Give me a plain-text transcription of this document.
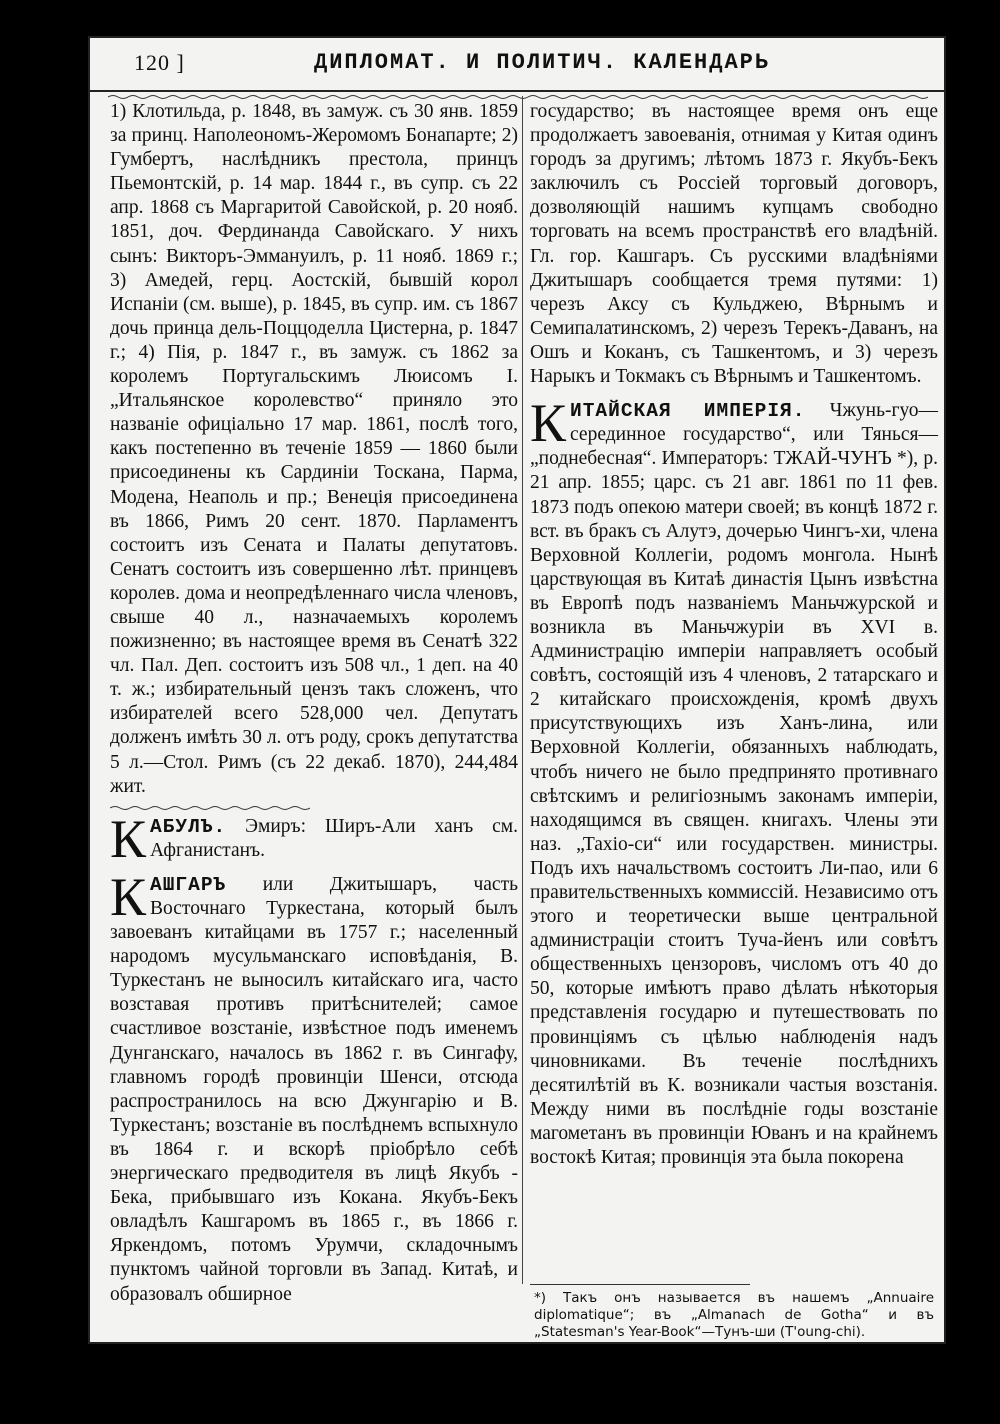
120 ]	ДИПЛОМАТ. И ПОЛИТИЧ. КАЛЕНДАРЬ

1) Клотильда, р. 1848, въ замуж. съ 30 янв. 1859 за принц. Наполеономъ-Жеромомъ Бонапарте; 2) Гумбертъ, наслѣдникъ престола, принцъ Пьемонтскій, р. 14 мар. 1844 г., въ супр. съ 22 апр. 1868 съ Маргаритой Савойской, р. 20 нояб. 1851, доч. Фердинанда Савойскаго. У нихъ сынъ: Викторъ-Эммануилъ, р. 11 нояб. 1869 г.; 3) Амедей, герц. Аостскій, бывшій корол Испаніи (см. выше), р. 1845, въ супр. им. съ 1867 дочь принца дель-Поццоделла Цистерна, р. 1847 г.; 4) Пія, р. 1847 г., въ замуж. съ 1862 за королемъ Португальскимъ Люисомъ I. „Итальянское королевство“ приняло это названіе офиціально 17 мар. 1861, послѣ того, какъ постепенно въ теченіе 1859 — 1860 были присоединены къ Сардиніи Тоскана, Парма, Модена, Неаполь и пр.; Венеція присоединена въ 1866, Римъ 20 сент. 1870. Парламентъ состоитъ изъ Сената и Палаты депутатовъ. Сенатъ состоитъ изъ совершенно лѣт. принцевъ королев. дома и неопредѣленнаго числа членовъ, свыше 40 л., назначаемыхъ королемъ пожизненно; въ настоящее время въ Сенатѣ 322 чл. Пал. Деп. состоитъ изъ 508 чл., 1 деп. на 40 т. ж.; избирательный цензъ такъ сложенъ, что избирателей всего 528,000 чел. Депутатъ долженъ имѣть 30 л. отъ роду, срокъ депутатства 5 л.—Стол. Римъ (съ 22 декаб. 1870), 244,484 жит.

КАБУЛЪ. Эмиръ: Ширъ-Али ханъ см. Афганистанъ.

КАШГАРЪ или Джитышаръ, часть Восточнаго Туркестана, который былъ завоеванъ китайцами въ 1757 г.; населенный народомъ мусульманскаго исповѣданія, В. Туркестанъ не выносилъ китайскаго ига, часто возставая противъ притѣснителей; самое счастливое возстаніе, извѣстное подъ именемъ Дунганскаго, началось въ 1862 г. въ Сингафу, главномъ городѣ провинціи Шенси, отсюда распространилось на всю Джунгарію и В. Туркестанъ; возстаніе въ послѣднемъ вспыхнуло въ 1864 г. и вскорѣ пріобрѣло себѣ энергическаго предводителя въ лицѣ Якубъ - Бека, прибывшаго изъ Кокана. Якубъ-Бекъ овладѣлъ Кашгаромъ въ 1865 г., въ 1866 г. Яркендомъ, потомъ Урумчи, складочнымъ пунктомъ чайной торговли въ Запад. Китаѣ, и образовалъ обширное

государство; въ настоящее время онъ еще продолжаетъ завоеванія, отнимая у Китая одинъ городъ за другимъ; лѣтомъ 1873 г. Якубъ-Бекъ заключилъ съ Россіей торговый договоръ, дозволяющій нашимъ купцамъ свободно торговать на всемъ пространствѣ его владѣній. Гл. гор. Кашгаръ. Съ русскими владѣніями Джитышаръ сообщается тремя путями: 1) черезъ Аксу съ Кульджею, Вѣрнымъ и Семипалатинскомъ, 2) черезъ Терекъ-Даванъ, на Ошъ и Коканъ, съ Ташкентомъ, и 3) черезъ Нарыкъ и Токмакъ съ Вѣрнымъ и Ташкентомъ.

КИТАЙСКАЯ ИМПЕРІЯ. Чжунь-гуо—серединное государство“, или Тянься—„поднебесная“. Императоръ: ТЖАЙ-ЧУНЪ *), р. 21 апр. 1855; царс. съ 21 авг. 1861 по 11 фев. 1873 подъ опекою матери своей; въ концѣ 1872 г. вст. въ бракъ съ Алутэ, дочерью Чингъ-хи, члена Верховной Коллегіи, родомъ монгола. Нынѣ царствующая въ Китаѣ династія Цынъ извѣстна въ Европѣ подъ названіемъ Маньчжурской и возникла въ Маньчжуріи въ XVI в. Администрацію имперіи направляетъ особый совѣтъ, состоящій изъ 4 членовъ, 2 татарскаго и 2 китайскаго происхожденія, кромѣ двухъ присутствующихъ изъ Ханъ-лина, или Верховной Коллегіи, обязанныхъ наблюдать, чтобъ ничего не было предпринято противнаго свѣтскимъ и религіознымъ законамъ имперіи, находящимся въ священ. книгахъ. Члены эти наз. „Тахіо-си“ или государствен. министры. Подъ ихъ начальствомъ состоитъ Ли-пао, или 6 правительственныхъ коммиссій. Независимо отъ этого и теоретически выше центральной администраціи стоитъ Туча-йенъ или совѣтъ общественныхъ цензоровъ, числомъ отъ 40 до 50, которые имѣютъ право дѣлать нѣкоторыя представленія государю и путешествовать по провинціямъ съ цѣлью наблюденія надъ чиновниками. Въ теченіе послѣднихъ десятилѣтій въ К. возникали частыя возстанія. Между ними въ послѣдніе годы возстаніе магометанъ въ провинціи Юванъ и на крайнемъ востокѣ Китая; провинція эта была покорена

*) Такъ онъ называется въ нашемъ „Annuaire diplomatique“; въ „Almanach de Gotha“ и въ „Statesman's Year-Book“—Тунъ-ши (T'oung-chi).
